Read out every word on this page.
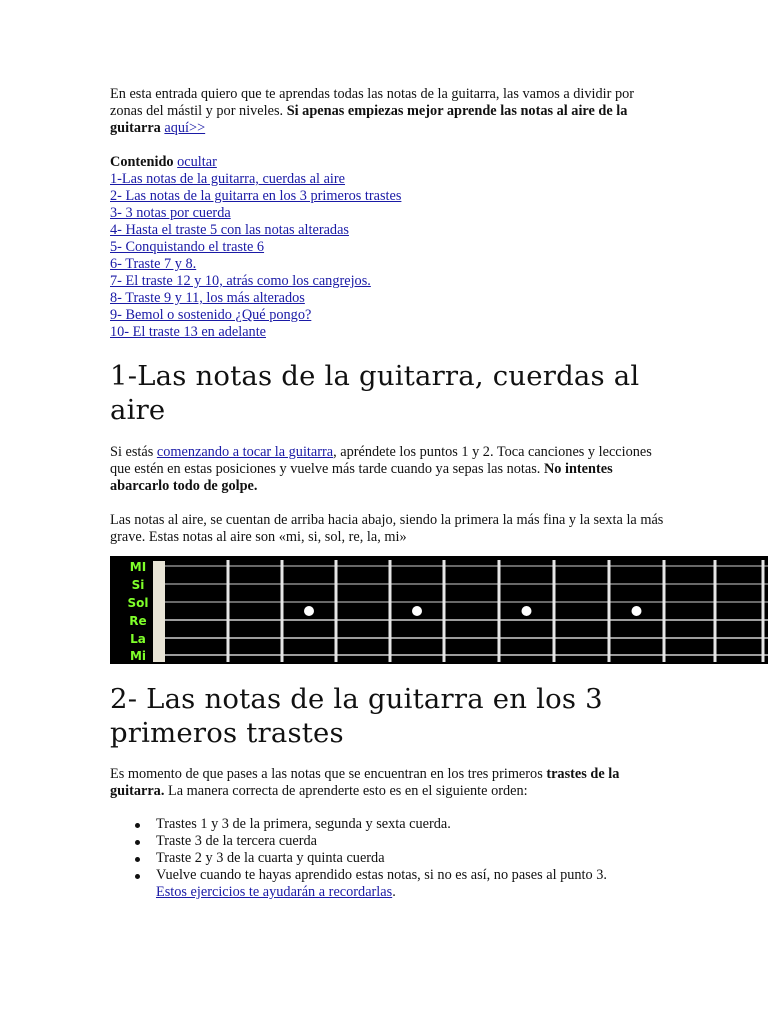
En esta entrada quiero que te aprendas todas las notas de la guitarra, las vamos a dividir por zonas del mástil y por niveles. Si apenas empiezas mejor aprende las notas al aire de la guitarra aquí>>

Contenido ocultar
1-Las notas de la guitarra, cuerdas al aire
2- Las notas de la guitarra en los 3 primeros trastes
3- 3 notas por cuerda
4- Hasta el traste 5 con las notas alteradas
5- Conquistando el traste 6
6- Traste 7 y 8.
7- El traste 12 y 10, atrás como los cangrejos.
8- Traste 9 y 11, los más alterados
9- Bemol o sostenido ¿Qué pongo?
10- El traste 13 en adelante
1-Las notas de la guitarra, cuerdas al
aire

Si estás comenzando a tocar la guitarra, apréndete los puntos 1 y 2. Toca canciones y lecciones que estén en estas posiciones y vuelve más tarde cuando ya sepas las notas. No intentes abarcarlo todo de golpe.

Las notas al aire, se cuentan de arriba hacia abajo, siendo la primera la más fina y la sexta la más grave. Estas notas al aire son «mi, si, sol, re, la, mi»

MI
Si
Sol
Re
La
Mi
2- Las notas de la guitarra en los 3
primeros trastes

Es momento de que pases a las notas que se encuentran en los tres primeros trastes de la guitarra. La manera correcta de aprenderte esto es en el siguiente orden:

Trastes 1 y 3 de la primera, segunda y sexta cuerda.
Traste 3 de la tercera cuerda
Traste 2 y 3 de la cuarta y quinta cuerda
Vuelve cuando te hayas aprendido estas notas, si no es así, no pases al punto 3.
Estos ejercicios te ayudarán a recordarlas.
